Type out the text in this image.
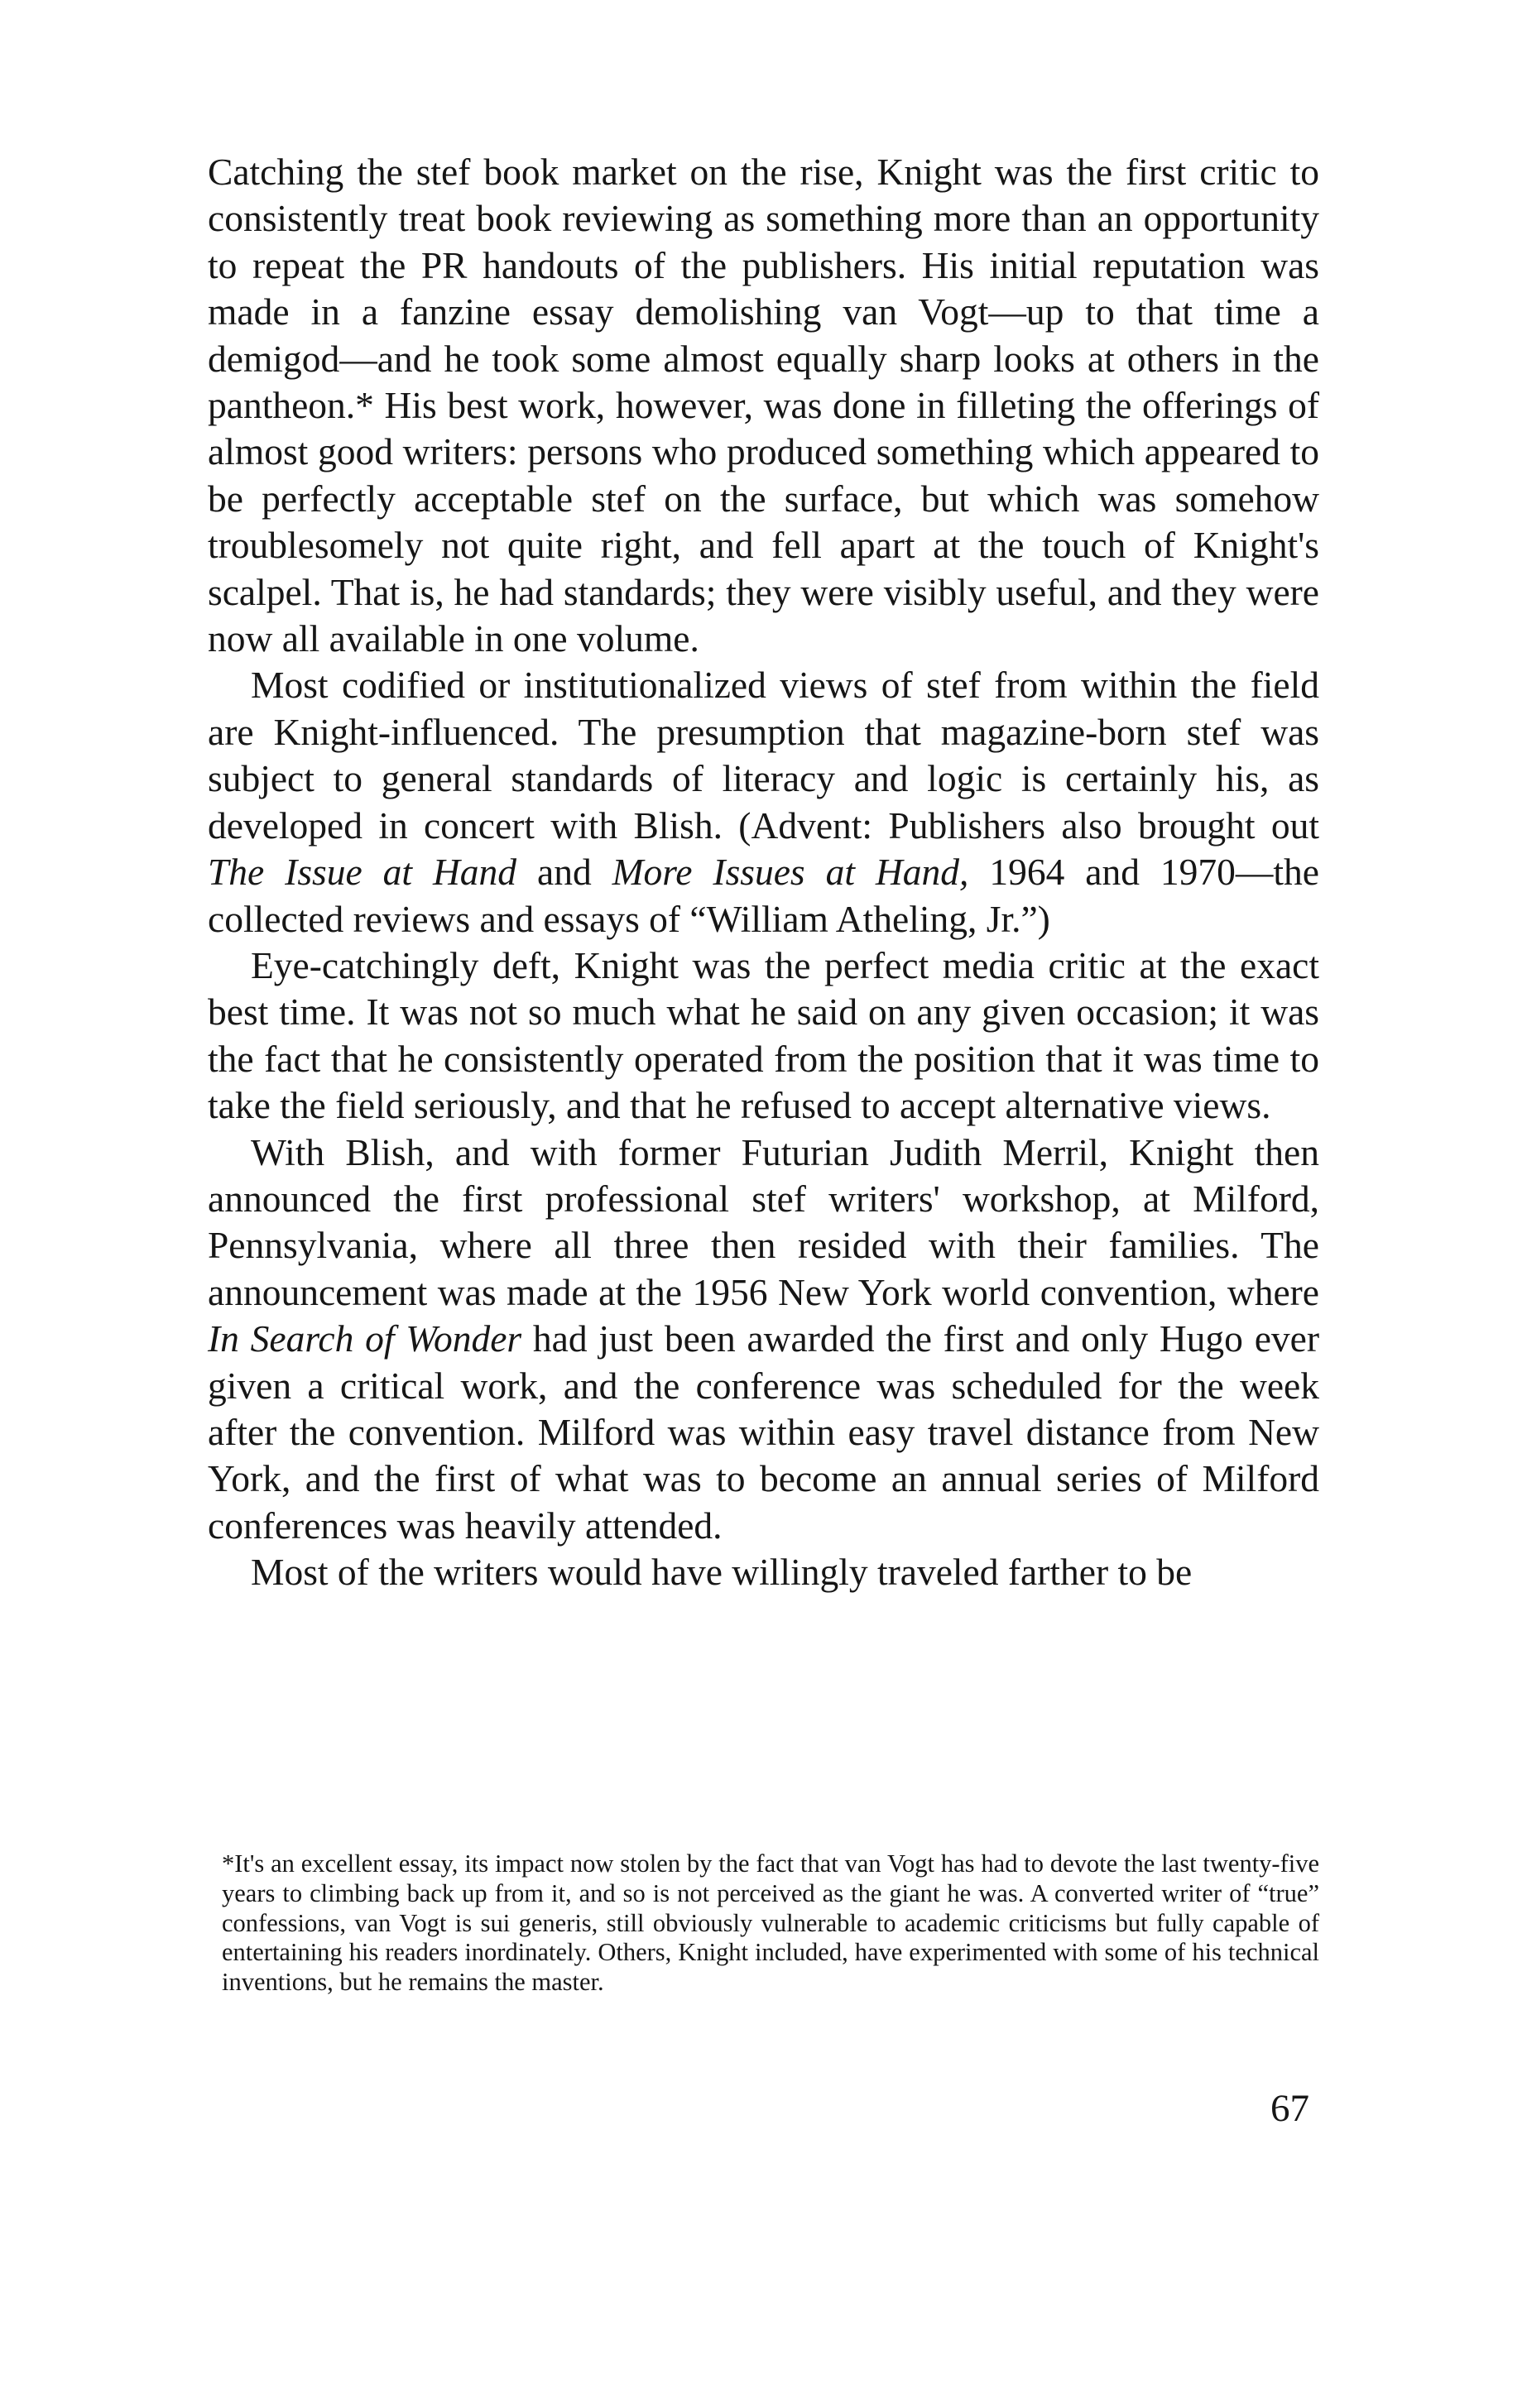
Catching the stef book market on the rise, Knight was the first critic to consistently treat book reviewing as something more than an opportunity to repeat the PR handouts of the publishers. His initial reputation was made in a fanzine essay demolishing van Vogt—up to that time a demigod—and he took some almost equally sharp looks at others in the pantheon.* His best work, however, was done in filleting the offerings of almost good writers: persons who produced something which appeared to be perfectly acceptable stef on the surface, but which was somehow troublesomely not quite right, and fell apart at the touch of Knight's scalpel. That is, he had standards; they were visibly useful, and they were now all available in one volume.

Most codified or institutionalized views of stef from within the field are Knight-influenced. The presumption that magazine-born stef was subject to general standards of literacy and logic is certainly his, as developed in concert with Blish. (Advent: Publishers also brought out The Issue at Hand and More Issues at Hand, 1964 and 1970—the collected reviews and essays of “William Atheling, Jr.”)

Eye-catchingly deft, Knight was the perfect media critic at the exact best time. It was not so much what he said on any given occasion; it was the fact that he consistently operated from the position that it was time to take the field seriously, and that he refused to accept alternative views.

With Blish, and with former Futurian Judith Merril, Knight then announced the first professional stef writers' workshop, at Milford, Pennsylvania, where all three then resided with their families. The announcement was made at the 1956 New York world convention, where In Search of Wonder had just been awarded the first and only Hugo ever given a critical work, and the conference was scheduled for the week after the convention. Milford was within easy travel distance from New York, and the first of what was to become an annual series of Milford conferences was heavily attended.

Most of the writers would have willingly traveled farther to be

*It's an excellent essay, its impact now stolen by the fact that van Vogt has had to devote the last twenty-five years to climbing back up from it, and so is not perceived as the giant he was. A converted writer of “true” confessions, van Vogt is sui generis, still obviously vulnerable to academic criticisms but fully capable of entertaining his readers inordinately. Others, Knight included, have experimented with some of his technical inventions, but he remains the master.

67
